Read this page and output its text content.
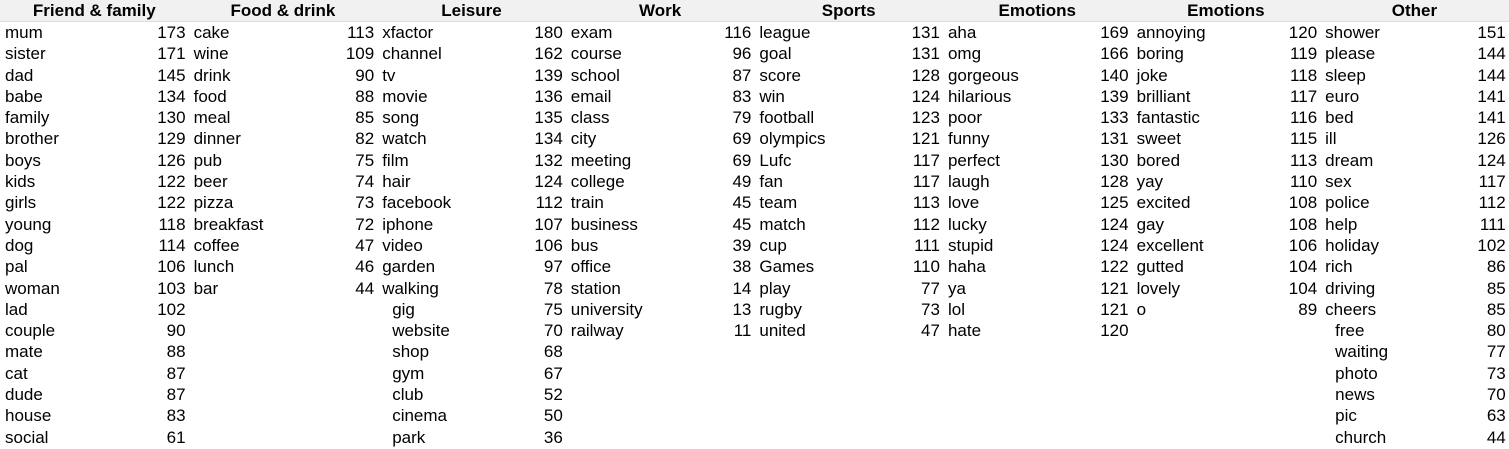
Friend & family
mum	173
sister	171
dad	145
babe	134
family	130
brother	129
boys	126
kids	122
girls	122
young	118
dog	114
pal	106
woman	103
lad	102
couple	90
mate	88
cat	87
dude	87
house	83
social	61
Food & drink
cake	113
wine	109
drink	90
food	88
meal	85
dinner	82
pub	75
beer	74
pizza	73
breakfast	72
coffee	47
lunch	46
bar	44
Leisure
xfactor	180
channel	162
tv	139
movie	136
song	135
watch	134
film	132
hair	124
facebook	112
iphone	107
video	106
garden	97
walking	78
gig	75
website	70
shop	68
gym	67
club	52
cinema	50
park	36
Work
exam	116
course	96
school	87
email	83
class	79
city	69
meeting	69
college	49
train	45
business	45
bus	39
office	38
station	14
university	13
railway	11
Sports
league	131
goal	131
score	128
win	124
football	123
olympics	121
Lufc	117
fan	117
team	113
match	112
cup	111
Games	110
play	77
rugby	73
united	47
Emotions
aha	169
omg	166
gorgeous	140
hilarious	139
poor	133
funny	131
perfect	130
laugh	128
love	125
lucky	124
stupid	124
haha	122
ya	121
lol	121
hate	120
Emotions
annoying	120
boring	119
joke	118
brilliant	117
fantastic	116
sweet	115
bored	113
yay	110
excited	108
gay	108
excellent	106
gutted	104
lovely	104
o	89
Other
shower	151
please	144
sleep	144
euro	141
bed	141
ill	126
dream	124
sex	117
police	112
help	111
holiday	102
rich	86
driving	85
cheers	85
free	80
waiting	77
photo	73
news	70
pic	63
church	44
